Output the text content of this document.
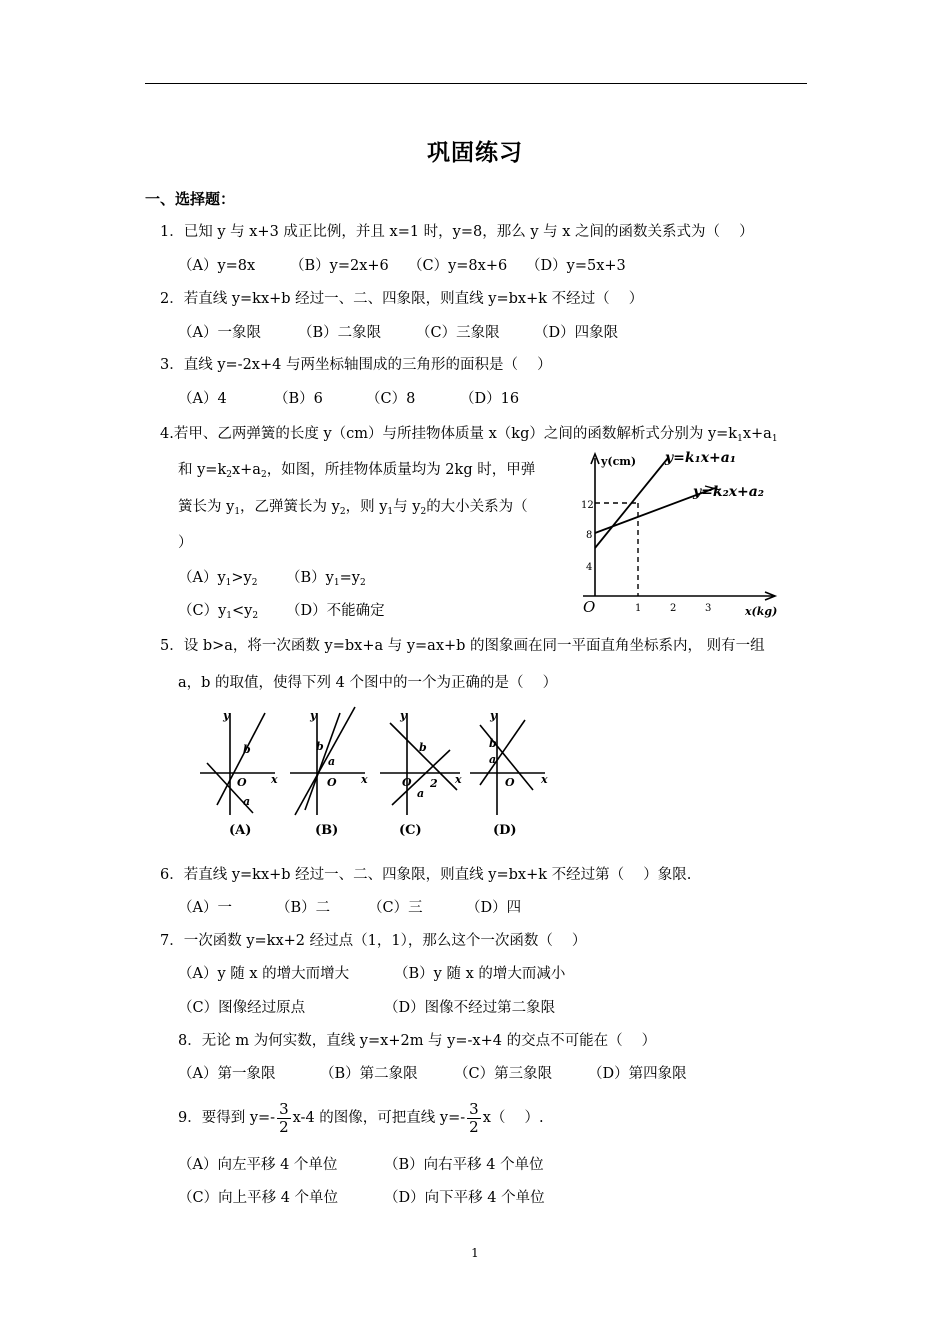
巩固练习
一、选择题：
1．已知 y 与 x+3 成正比例，并且 x=1 时，y=8，那么 y 与 x 之间的函数关系式为（　 ）
（A）y=8x （B）y=2x+6 （C）y=8x+6 （D）y=5x+3
2．若直线 y=kx+b 经过一、二、四象限，则直线 y=bx+k 不经过（　 ）
（A）一象限	（B）二象限 （C）三象限 （D）四象限
3．直线 y=-2x+4 与两坐标轴围成的三角形的面积是（　 ）
（A）4	（B）6	（C）8	（D）16
4.若甲、乙两弹簧的长度 y（cm）与所挂物体质量 x（kg）之间的函数解析式分别为 $y=k_1x+a_1$
和 $y=k_2x+a_2$，如图，所挂物体质量均为 2kg 时，甲弹
簧长为 $y_1$，乙弹簧长为 $y_2$，则 $y_1$与 $y_2$的大小关系为（
）
$(A)y_1>y_2$ $(B)y_1=y_2$
$(C)y_1<y_2$ （D）不能确定
y(cm)
x(kg)
O
12
8
4
1	2	3
y=k₁x+a₁
y=k₂x+a₂
5．设 b>a，将一次函数 y=bx+a 与 y=ax+b 的图象画在同一平面直角坐标系内， 则有一组
a，b 的取值，使得下列 4 个图中的一个为正确的是（　 ）
y
x
O
b
a
y
x
O
b
a
y
x
O
b
a
2
y
x
O
b
a
(A)	(B)	(C)	(D)
6．若直线 y=kx+b 经过一、二、四象限，则直线 y=bx+k 不经过第（　 ）象限.
（A）一	（B）二	（C）三	（D）四
7．一次函数 y=kx+2 经过点（1，1），那么这个一次函数（　 ）
（A）y 随 x 的增大而增大	（B）y 随 x 的增大而减小
（C）图像经过原点	（D）图像不经过第二象限
8．无论 m 为何实数，直线 y=x+2m 与 y=-x+4 的交点不可能在（　 ）
（A）第一象限	（B）第二象限	（C）第三象限 （D）第四象限
9．要得到 $y=- \frac{3}{2} x-4$ 的图像，可把直线 $y=- \frac{3}{2} x$（　 ）.
（A）向左平移 4 个单位	（B）向右平移 4 个单位
（C）向上平移 4 个单位	（D）向下平移 4 个单位
1
